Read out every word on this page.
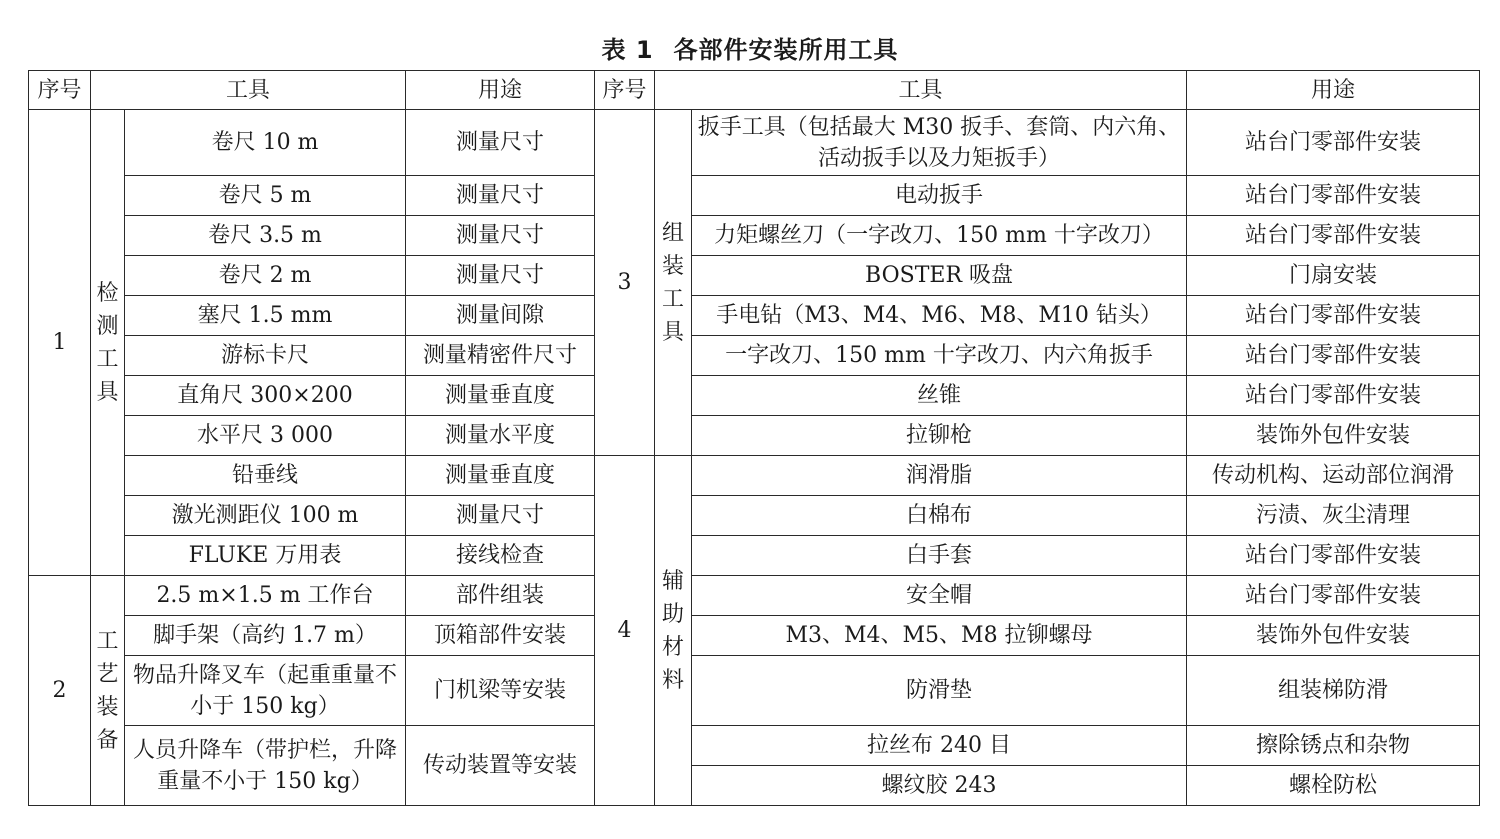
表 1 各部件安装所用工具
序号	工具		用途	序号	工具		用途
1	检测工具	卷尺 10 m	测量尺寸	3	组装工具	扳手工具（包括最大 M30 扳手、套筒、内六角、活动扳手以及力矩扳手）	站台门零部件安装
		卷尺 5 m	测量尺寸			电动扳手	站台门零部件安装
		卷尺 3.5 m	测量尺寸			力矩螺丝刀（一字改刀、150 mm 十字改刀）	站台门零部件安装
		卷尺 2 m	测量尺寸			BOSTER 吸盘	门扇安装
		塞尺 1.5 mm	测量间隙			手电钻（M3、M4、M6、M8、M10 钻头）	站台门零部件安装
		游标卡尺	测量精密件尺寸			一字改刀、150 mm 十字改刀、内六角扳手	站台门零部件安装
		直角尺 300×200	测量垂直度			丝锥	站台门零部件安装
		水平尺 3 000	测量水平度			拉铆枪	装饰外包件安装
		铅垂线	测量垂直度	4	辅助材料	润滑脂	传动机构、运动部位润滑
		激光测距仪 100 m	测量尺寸			白棉布	污渍、灰尘清理
		FLUKE 万用表	接线检查			白手套	站台门零部件安装
2	工艺装备	2.5 m×1.5 m 工作台	部件组装			安全帽	站台门零部件安装
		脚手架（高约 1.7 m）	顶箱部件安装			M3、M4、M5、M8 拉铆螺母	装饰外包件安装
		物品升降叉车（起重重量不小于 150 kg）	门机梁等安装			防滑垫	组装梯防滑
		人员升降车（带护栏，升降重量不小于 150 kg）	传动装置等安装			拉丝布 240 目	擦除锈点和杂物
						螺纹胶 243	螺栓防松
